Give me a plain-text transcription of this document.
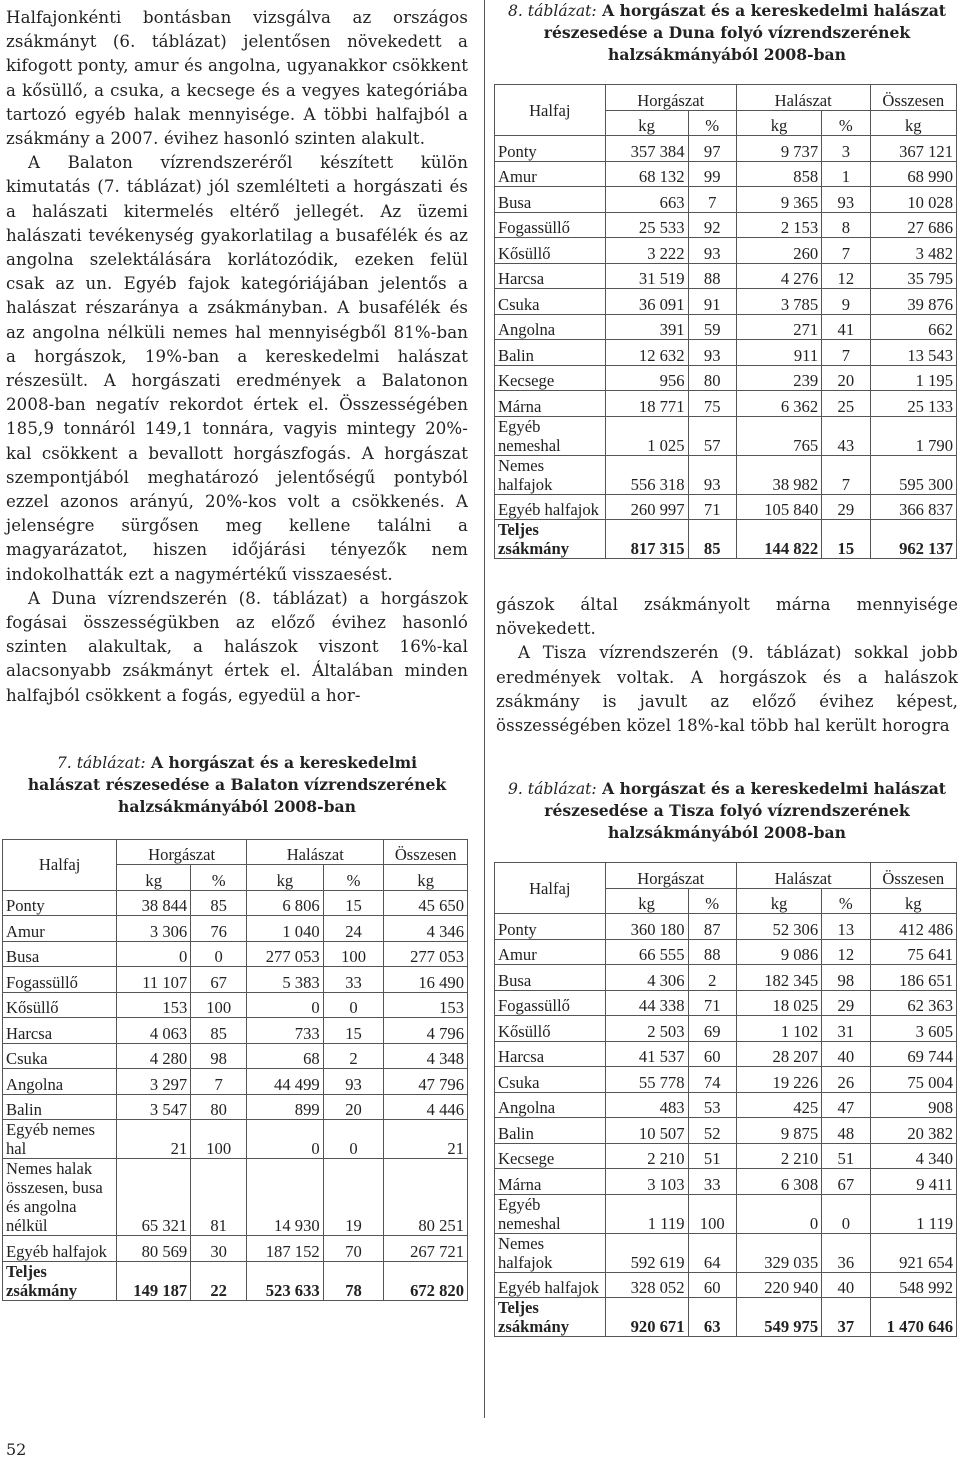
Halfajonkénti bontásban vizsgálva az országos zsákmányt (6. táblázat) jelentősen növekedett a kifogott ponty, amur és angolna, ugyanakkor csökkent a kősüllő, a csuka, a kecsege és a vegyes kategóriába tartozó egyéb halak mennyisége. A többi halfajból a zsákmány a 2007. évihez hasonló szinten alakult.

A Balaton vízrendszeréről készített külön kimutatás (7. táblázat) jól szemlélteti a horgászati és a halászati kitermelés eltérő jellegét. Az üzemi halászati tevékenység gyakorlatilag a busafélék és az angolna szelektálására korlátozódik, ezeken felül csak az un. Egyéb fajok kategóriájában jelentős a halászat részaránya a zsákmányban. A busafélék és az angolna nélküli nemes hal mennyiségből 81%-ban a horgászok, 19%-ban a kereskedelmi halászat részesült. A horgászati eredmények a Balatonon 2008-ban negatív rekordot értek el. Összességében 185,9 tonnáról 149,1 tonnára, vagyis mintegy 20%-kal csökkent a bevallott horgászfogás. A horgászat szempontjából meghatározó jelentőségű pontyból ezzel azonos arányú, 20%-kos volt a csökkenés. A jelenségre sürgősen meg kellene találni a magyarázatot, hiszen időjárási tényezők nem indokolhatták ezt a nagymértékű visszaesést.

A Duna vízrendszerén (8. táblázat) a horgászok fogásai összességükben az előző évihez hasonló szinten alakultak, a halászok viszont 16%-kal alacsonyabb zsákmányt értek el. Általában minden halfajból csökkent a fogás, egyedül a hor-

7. táblázat: A horgászat és a kereskedelmi halászat részesedése a Balaton vízrendszerének halzsákmányából 2008-ban

Halfaj	Horgászat		Halászat		Összesen
	kg	%	kg	%	kg
Ponty	38 844	85	6 806	15	45 650
Amur	3 306	76	1 040	24	4 346
Busa	0	0	277 053	100	277 053
Fogassüllő	11 107	67	5 383	33	16 490
Kősüllő	153	100	0	0	153
Harcsa	4 063	85	733	15	4 796
Csuka	4 280	98	68	2	4 348
Angolna	3 297	7	44 499	93	47 796
Balin	3 547	80	899	20	4 446
Egyéb nemes hal	21	100	0	0	21
Nemes halak összesen, busa és angolna nélkül	65 321	81	14 930	19	80 251
Egyéb halfajok	80 569	30	187 152	70	267 721
Teljes zsákmány	149 187	22	523 633	78	672 820

8. táblázat: A horgászat és a kereskedelmi halászat részesedése a Duna folyó vízrendszerének halzsákmányából 2008-ban

Halfaj	Horgászat		Halászat		Összesen
	kg	%	kg	%	kg
Ponty	357 384	97	9 737	3	367 121
Amur	68 132	99	858	1	68 990
Busa	663	7	9 365	93	10 028
Fogassüllő	25 533	92	2 153	8	27 686
Kősüllő	3 222	93	260	7	3 482
Harcsa	31 519	88	4 276	12	35 795
Csuka	36 091	91	3 785	9	39 876
Angolna	391	59	271	41	662
Balin	12 632	93	911	7	13 543
Kecsege	956	80	239	20	1 195
Márna	18 771	75	6 362	25	25 133
Egyéb nemeshal	1 025	57	765	43	1 790
Nemes halfajok	556 318	93	38 982	7	595 300
Egyéb halfajok	260 997	71	105 840	29	366 837
Teljes zsákmány	817 315	85	144 822	15	962 137

gászok által zsákmányolt márna mennyisége növekedett.

A Tisza vízrendszerén (9. táblázat) sokkal jobb eredmények voltak. A horgászok és a halászok zsákmány is javult az előző évihez képest, összességében közel 18%-kal több hal került horogra

9. táblázat: A horgászat és a kereskedelmi halászat részesedése a Tisza folyó vízrendszerének halzsákmányából 2008-ban

Halfaj	Horgászat		Halászat		Összesen
	kg	%	kg	%	kg
Ponty	360 180	87	52 306	13	412 486
Amur	66 555	88	9 086	12	75 641
Busa	4 306	2	182 345	98	186 651
Fogassüllő	44 338	71	18 025	29	62 363
Kősüllő	2 503	69	1 102	31	3 605
Harcsa	41 537	60	28 207	40	69 744
Csuka	55 778	74	19 226	26	75 004
Angolna	483	53	425	47	908
Balin	10 507	52	9 875	48	20 382
Kecsege	2 210	51	2 210	51	4 340
Márna	3 103	33	6 308	67	9 411
Egyéb nemeshal	1 119	100	0	0	1 119
Nemes halfajok	592 619	64	329 035	36	921 654
Egyéb halfajok	328 052	60	220 940	40	548 992
Teljes zsákmány	920 671	63	549 975	37	1 470 646
52
